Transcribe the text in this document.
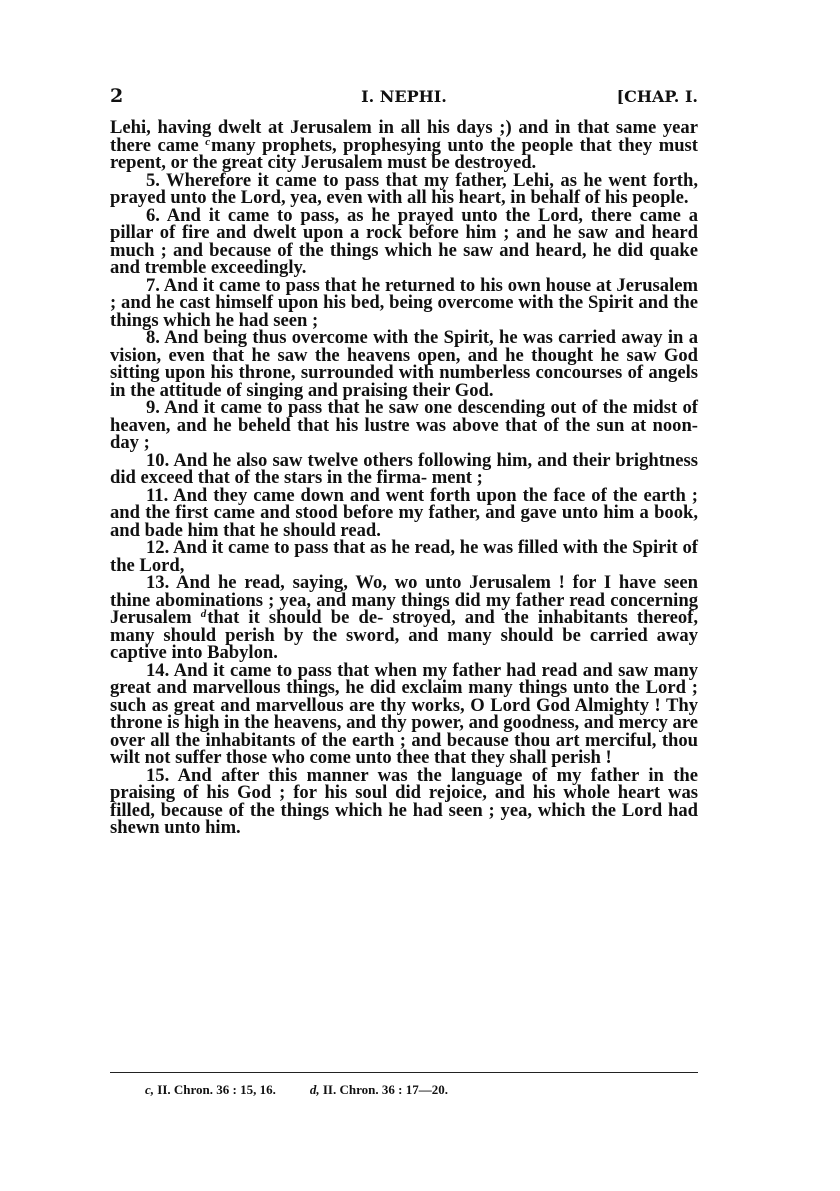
2	I. NEPHI.	[CHAP. I.

Lehi, having dwelt at Jerusalem in all his days ;) and in that same year there came $^c$many prophets, prophesying unto the people that they must repent, or the great city Jerusalem must be destroyed.

5. Wherefore it came to pass that my father, Lehi, as he went forth, prayed unto the Lord, yea, even with all his heart, in behalf of his people.

6. And it came to pass, as he prayed unto the Lord, there came a pillar of fire and dwelt upon a rock before him ; and he saw and heard much ; and because of the things which he saw and heard, he did quake and tremble exceedingly.

7. And it came to pass that he returned to his own house at Jerusalem ; and he cast himself upon his bed, being overcome with the Spirit and the things which he had seen ;

8. And being thus overcome with the Spirit, he was carried away in a vision, even that he saw the heavens open, and he thought he saw God sitting upon his throne, surrounded with numberless concourses of angels in the attitude of singing and praising their God.

9. And it came to pass that he saw one descending out of the midst of heaven, and he beheld that his lustre was above that of the sun at noon-day ;

10. And he also saw twelve others following him, and their brightness did exceed that of the stars in the firma- ment ;

11. And they came down and went forth upon the face of the earth ; and the first came and stood before my father, and gave unto him a book, and bade him that he should read.

12. And it came to pass that as he read, he was filled with the Spirit of the Lord,

13. And he read, saying, Wo, wo unto Jerusalem ! for I have seen thine abominations ; yea, and many things did my father read concerning Jerusalem $^d$that it should be de- stroyed, and the inhabitants thereof, many should perish by the sword, and many should be carried away captive into Babylon.

14. And it came to pass that when my father had read and saw many great and marvellous things, he did exclaim many things unto the Lord ; such as great and marvellous are thy works, O Lord God Almighty ! Thy throne is high in the heavens, and thy power, and goodness, and mercy are over all the inhabitants of the earth ; and because thou art merciful, thou wilt not suffer those who come unto thee that they shall perish !

15. And after this manner was the language of my father in the praising of his God ; for his soul did rejoice, and his whole heart was filled, because of the things which he had seen ; yea, which the Lord had shewn unto him.

c, II. Chron. 36 : 15, 16.	d, II. Chron. 36 : 17—20.
